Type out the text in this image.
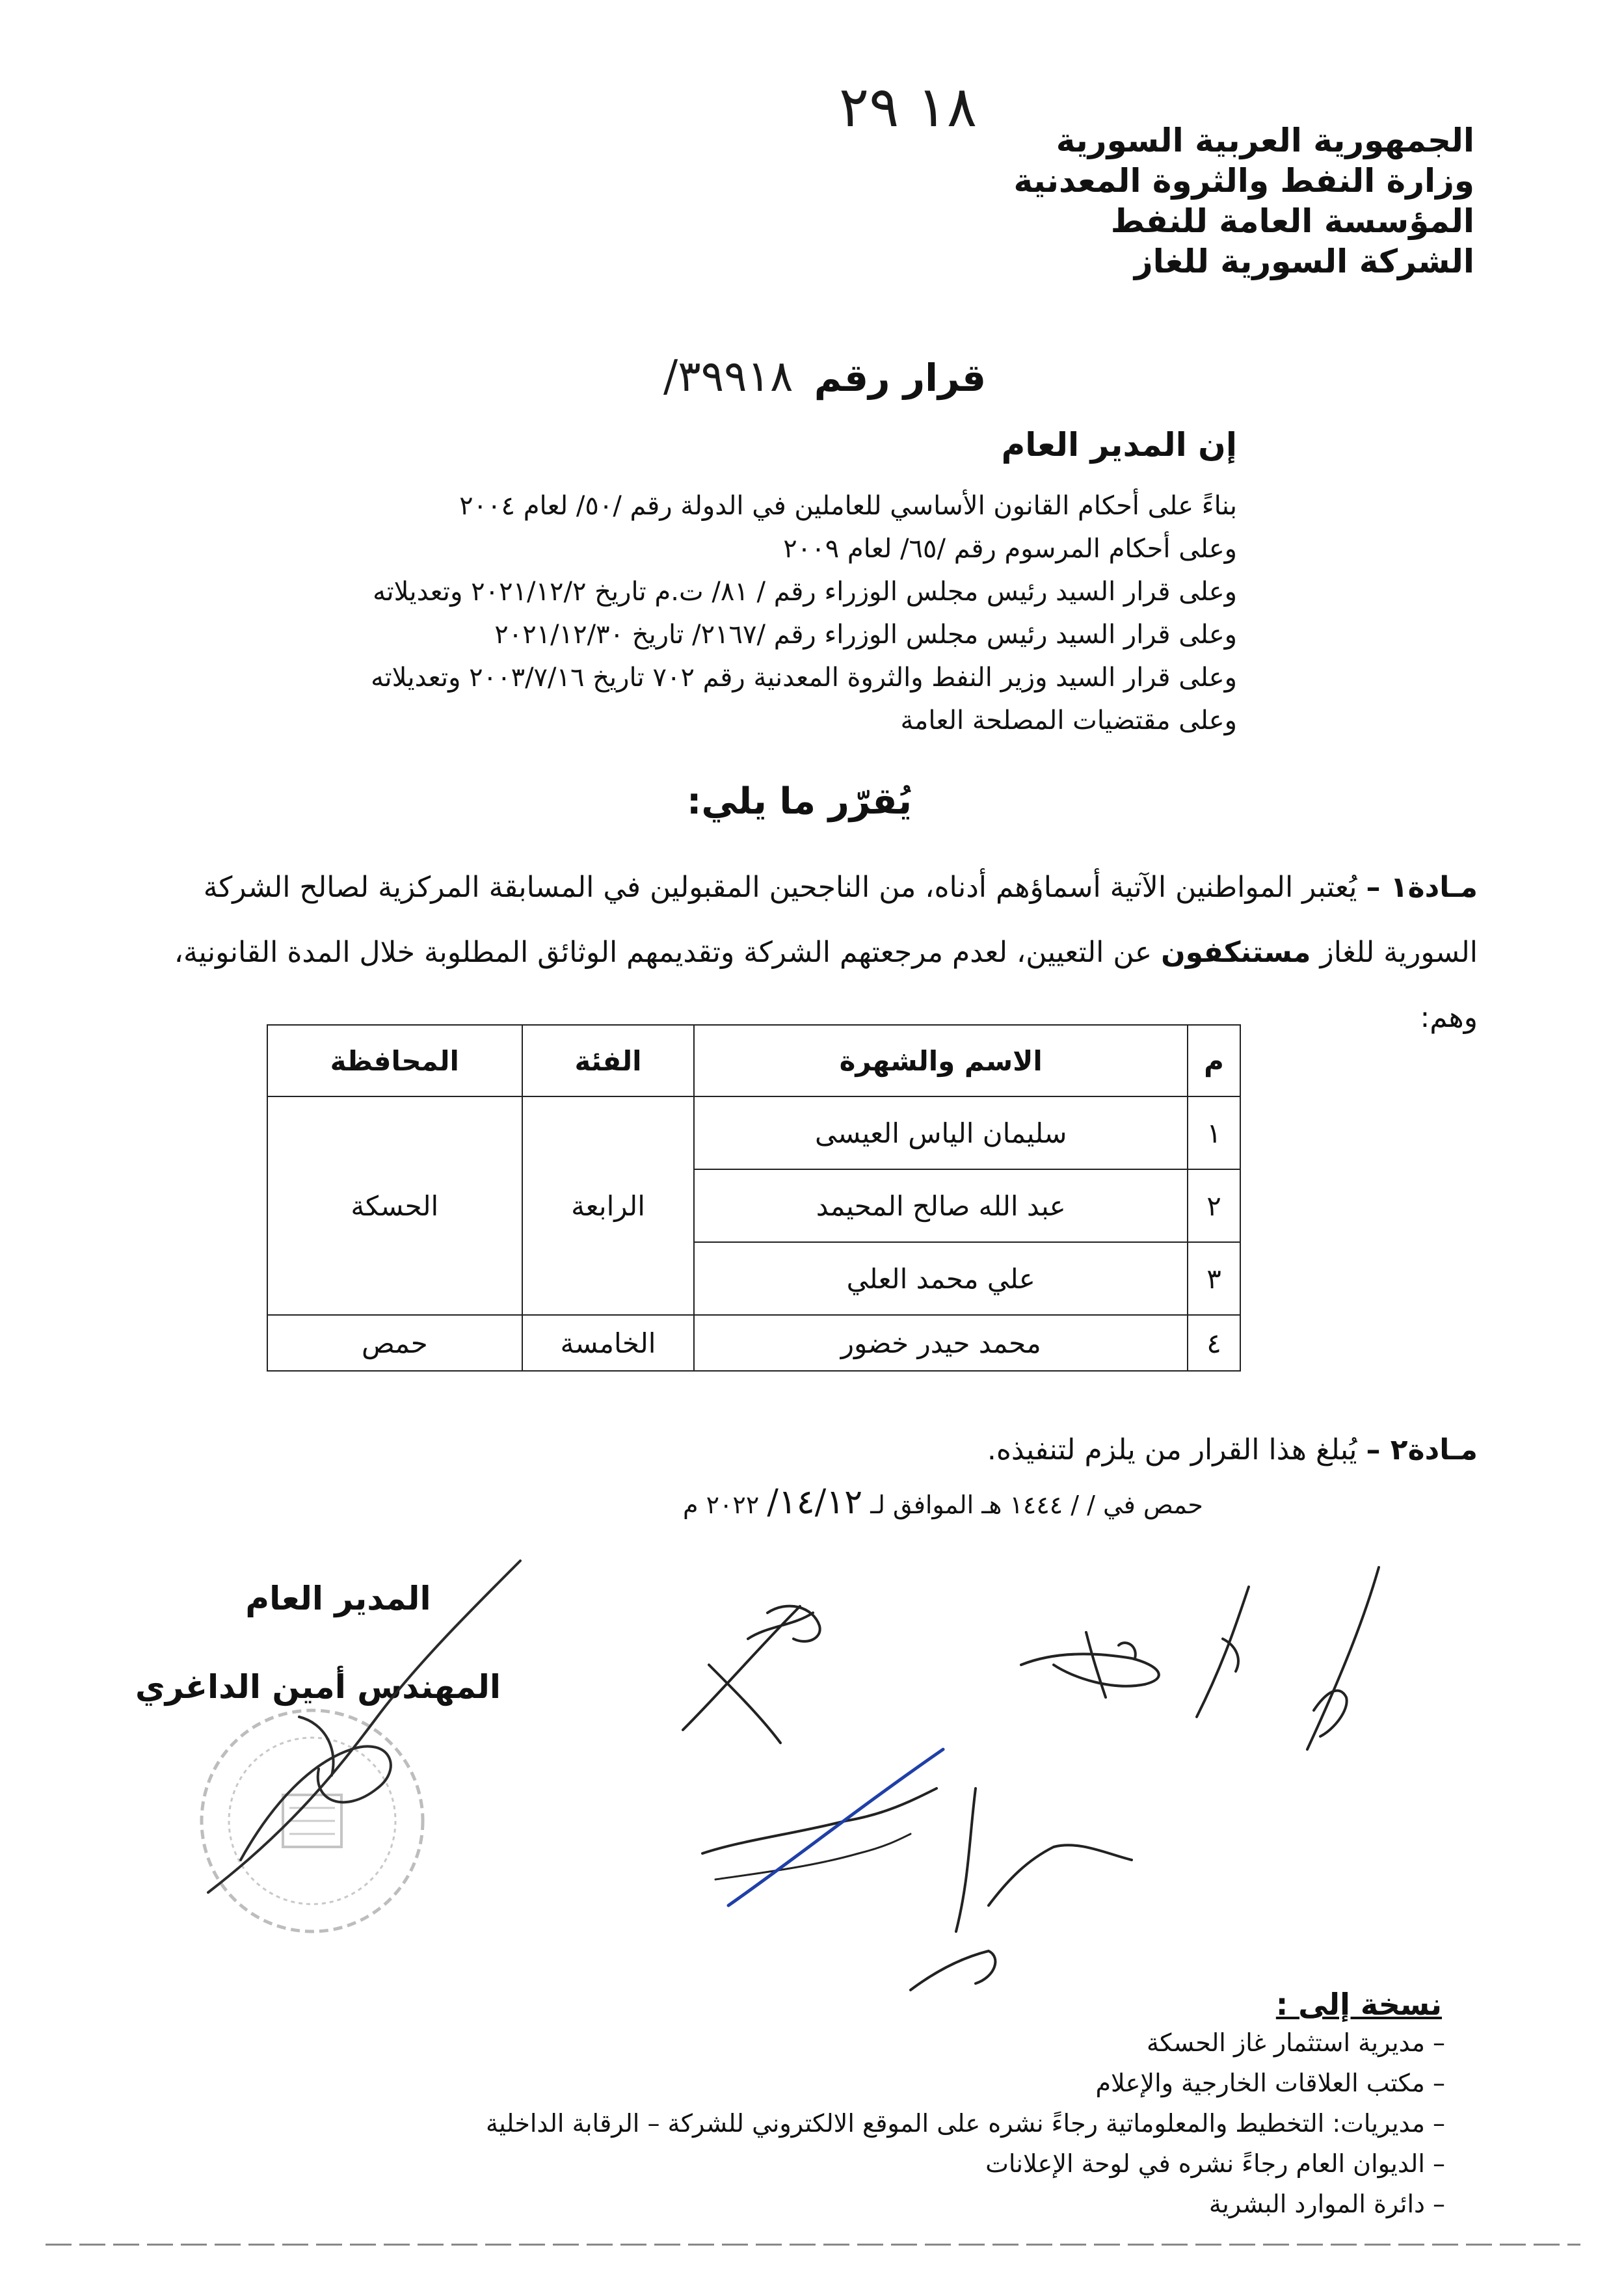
١٨ ٢٩
الجمهورية العربية السورية
وزارة النفط والثروة المعدنية
المؤسسة العامة للنفط
الشركة السورية للغاز
قرار رقم ٣٩٩١٨/
إن المدير العام
بناءً على أحكام القانون الأساسي للعاملين في الدولة رقم /٥٠/ لعام ٢٠٠٤
وعلى أحكام المرسوم رقم /٦٥/ لعام ٢٠٠٩
وعلى قرار السيد رئيس مجلس الوزراء رقم / ٨١/ ت.م تاريخ ٢٠٢١/١٢/٢ وتعديلاته
وعلى قرار السيد رئيس مجلس الوزراء رقم /٢١٦٧/ تاريخ ٢٠٢١/١٢/٣٠
وعلى قرار السيد وزير النفط والثروة المعدنية رقم ٧٠٢ تاريخ ٢٠٠٣/٧/١٦ وتعديلاته
وعلى مقتضيات المصلحة العامة
يُقرّر ما يلي:
مـادة١ – يُعتبر المواطنين الآتية أسماؤهم أدناه، من الناجحين المقبولين في المسابقة المركزية لصالح الشركة السورية للغاز مستنكفون عن التعيين، لعدم مرجعتهم الشركة وتقديمهم الوثائق المطلوبة خلال المدة القانونية، وهم:
م	الاسم والشهرة	الفئة	المحافظة
١	سليمان الياس العيسى	الرابعة	الحسكة
٢	عبد الله صالح المحيمد		
٣	علي محمد العلي		
٤	محمد حيدر خضور	الخامسة	حمص
مـادة٢ – يُبلغ هذا القرار من يلزم لتنفيذه.
حمص في / / ١٤٤٤ هـ الموافق لـ ١٤/١٢/ ٢٠٢٢ م
المدير العام
المهندس أمين الداغري
نسخة إلى :
– مديرية استثمار غاز الحسكة
– مكتب العلاقات الخارجية والإعلام
– مديريات: التخطيط والمعلوماتية رجاءً نشره على الموقع الالكتروني للشركة – الرقابة الداخلية
– الديوان العام رجاءً نشره في لوحة الإعلانات
– دائرة الموارد البشرية
